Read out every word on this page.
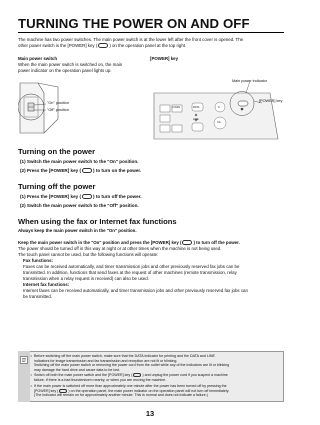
TURNING THE POWER ON AND OFF
The machine has two power switches. The main power switch is at the lower left after the front cover is opened. The
other power switch is the [POWER] key (	) on the operation panel at the top right.
Main power switch
When the main power switch is switched on, the main
power indicator on the operation panel lights up.
"On" position
"Off" position
[POWER] key
Main power indicator
[POWER] key
LOGIN	DATA
LINE
C
CA
Turning on the power
(1) Switch the main power switch to the "On" position.
(2) Press the [POWER] key (	) to turn on the power.
Turning off the power
(1) Press the [POWER] key (	) to turn off the power.
(2) Switch the main power switch to the "Off" position.
When using the fax or Internet fax functions
Always keep the main power switch in the "On" position.
Keep the main power switch in the "On" position and press the [POWER] key (	) to turn off the power.
The power should be turned off in this way at night or at other times when the machine is not being used.
The touch panel cannot be used, but the following functions will operate:
Fax functions:
Faxes can be received automatically, and timer transmission jobs and other previously reserved fax jobs can be
transmitted. In addition, functions that send faxes at the request of other machines (remote transmission, relay
transmission when a relay request is received) can also be used.
Internet fax functions:
Internet faxes can be received automatically, and timer transmission jobs and other previously reserved fax jobs can
be transmitted.
• Before switching off the main power switch, make sure that the DATA indicator for printing and the DATA and LINE
indicators for image transmission and fax transmission and reception are not lit or blinking.
Switching off the main power switch or removing the power cord from the outlet while any of the indicators are lit or blinking
may damage the hard drive and cause data to be lost.
• Switch off both the main power switch and the [POWER] key (	) and unplug the power cord if you suspect a machine
failure, if there is a bad thunderstorm nearby, or when you are moving the machine.
• If the main power is switched off more than approximately one minute after the power has been turned off by pressing the
[POWER] key (	) on the operation panel, the main power indicator on the operation panel will not turn off immediately.
(The indicator will remain on for approximately another minute. This is normal and does not indicate a failure.)
13
